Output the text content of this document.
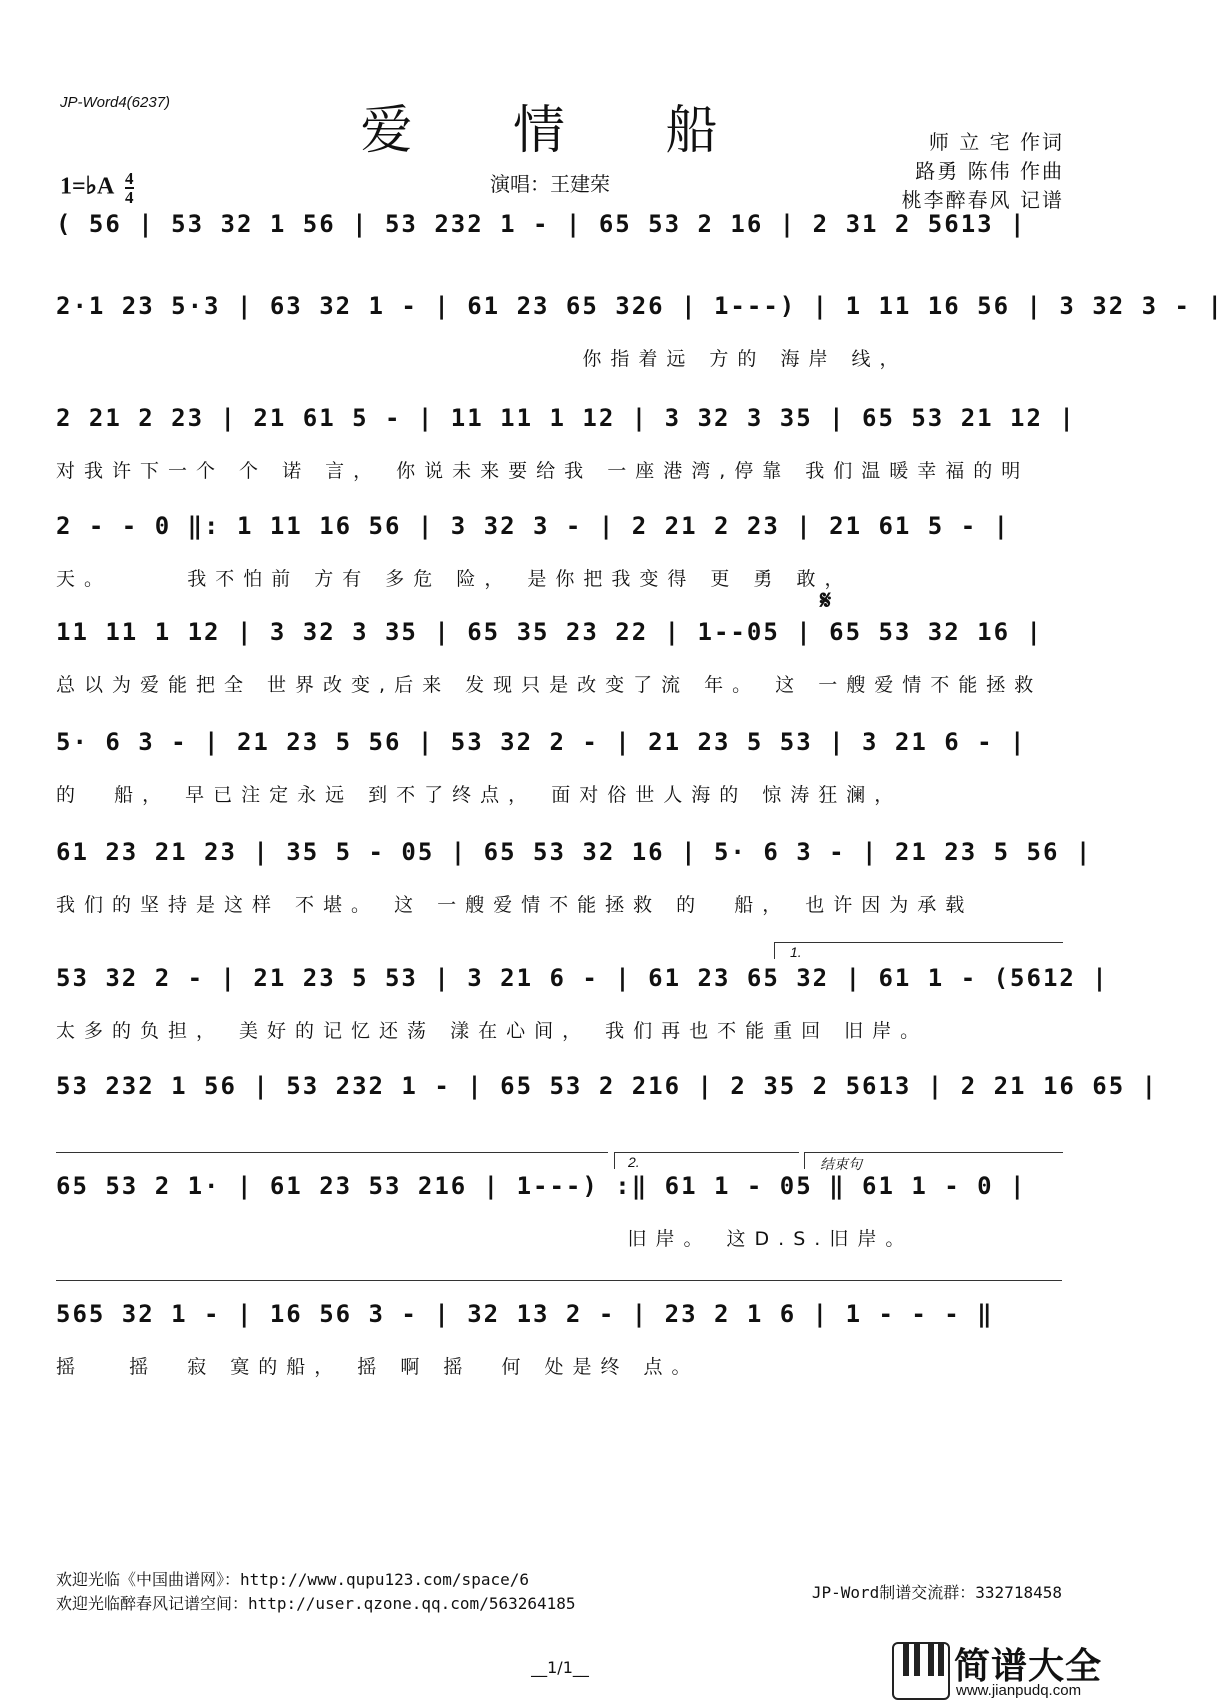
JP-Word4(6237)	爱 情 船	师 立 宅 作词
路勇 陈伟 作曲
桃李醉春风 记谱
1=♭A $\frac{4}{4}$	演唱：王建荣
( 56 | 53 32 1 56 | 53 232 1 - | 65 53 2 16 | 2 31 2 5613 |
2·1 23 5·3 | 63 32 1 - | 61 23 65 326 | 1---) | 1 11 16 56 | 3 32 3 - |
你指着远 方的 海岸 线，
2 21 2 23 | 21 61 5 - | 11 11 1 12 | 3 32 3 35 | 65 53 21 12 |
对我许下一个 个 诺 言， 你说未来要给我 一座港湾,停靠 我们温暖幸福的明
2 - - 0 ‖: 1 11 16 56 | 3 32 3 - | 2 21 2 23 | 21 61 5 - |
天。     我不怕前 方有 多危 险， 是你把我变得 更 勇 敢，
𝄋
11 11 1 12 | 3 32 3 35 | 65 35 23 22 | 1--05 | 65 53 32 16 |
总以为爱能把全 世界改变,后来 发现只是改变了流 年。 这 一艘爱情不能拯救
5· 6 3 - | 21 23 5 56 | 53 32 2 - | 21 23 5 53 | 3 21 6 - |
的  船， 早已注定永远 到不了终点， 面对俗世人海的 惊涛狂澜，
61 23 21 23 | 35 5 - 05 | 65 53 32 16 | 5· 6 3 - | 21 23 5 56 |
我们的坚持是这样 不堪。 这 一艘爱情不能拯救 的  船， 也许因为承载
1.
53 32 2 - | 21 23 5 53 | 3 21 6 - | 61 23 65 32 | 61 1 - (5612 |
太多的负担， 美好的记忆还荡 漾在心间， 我们再也不能重回 旧岸。
53 232 1 56 | 53 232 1 - | 65 53 2 216 | 2 35 2 5613 | 2 21 16 65 |
2.	结束句
65 53 2 1· | 61 23 53 216 | 1---) :‖ 61 1 - 05 ‖ 61 1 - 0 |
旧岸。 这D.S.旧岸。
565 32 1 - | 16 56 3 - | 32 13 2 - | 23 2 1 6 | 1 - - - ‖
摇   摇  寂 寞的船， 摇 啊 摇  何 处是终 点。
欢迎光临《中国曲谱网》：http://www.qupu123.com/space/6
欢迎光临醉春风记谱空间：http://user.qzone.qq.com/563264185
JP-Word制谱交流群：332718458
__1/1__	简谱大全
www.jianpudq.com
